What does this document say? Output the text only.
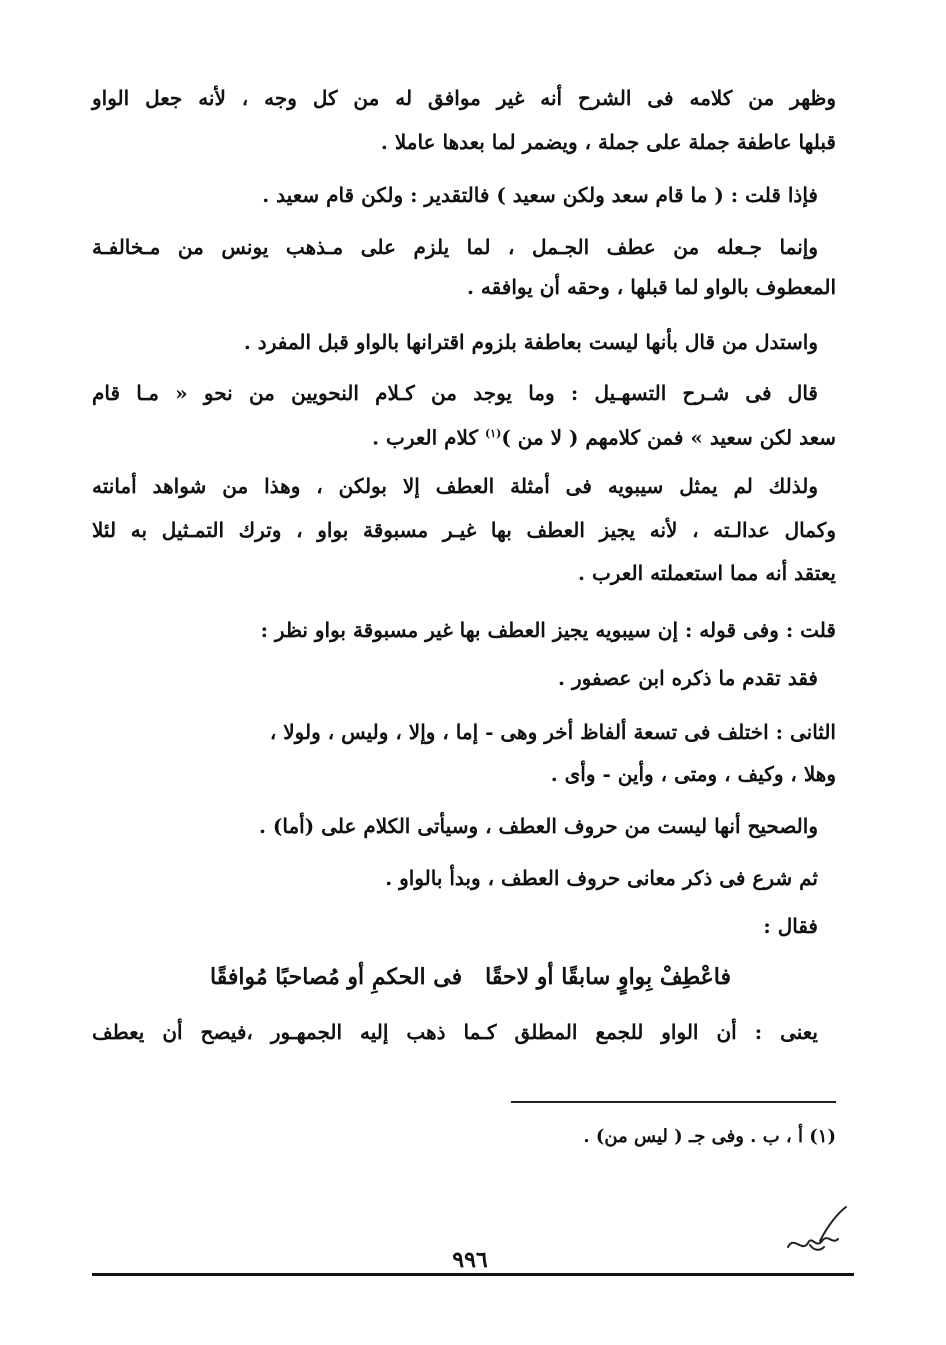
وظهر من كلامه فى الشرح أنه غير موافق له من كل وجه ، لأنه جعل الواو
قبلها عاطفة جملة على جملة ، ويضمر لما بعدها عاملا .
فإذا قلت : ( ما قام سعد ولكن سعيد ) فالتقدير : ولكن قام سعيد .
وإنما جـعله من عطف الجـمل ، لما يلزم على مـذهب يونس من مـخالفـة
المعطوف بالواو لما قبلها ، وحقه أن يوافقه .
واستدل من قال بأنها ليست بعاطفة بلزوم اقترانها بالواو قبل المفرد .
قال فى شـرح التسهـيل : وما يوجد من كـلام النحويين من نحو « مـا قام
سعد لكن سعيد » فمن كلامهم ( لا من )$^{(١)}$ كلام العرب .
ولذلك لم يمثل سيبويه فى أمثلة العطف إلا بولكن ، وهذا من شواهد أمانته
وكمال عدالـته ، لأنه يجيز العطف بها غيـر مسبوقة بواو ، وترك التمـثيل به لئلا
يعتقد أنه مما استعملته العرب .
قلت : وفى قوله : إن سيبويه يجيز العطف بها غير مسبوقة بواو نظر :
فقد تقدم ما ذكره ابن عصفور .
الثانى : اختلف فى تسعة ألفاظ أخر وهى - إما ، وإلا ، وليس ، ولولا ،
وهلا ، وكيف ، ومتى ، وأين - وأى .
والصحيح أنها ليست من حروف العطف ، وسيأتى الكلام على (أما) .
ثم شرع فى ذكر معانى حروف العطف ، وبدأ بالواو .
فقال :
فاعْطِفْ بِواوٍ سابقًا أو لاحقًا
فى الحكمِ أو مُصاحبًا مُوافقًا
يعنى : أن الواو للجمع المطلق كـما ذهب إليه الجمهـور ،فيصح أن يعطف
(١) أ ، ب . وفى جـ ( ليس من) .
٩٩٦
